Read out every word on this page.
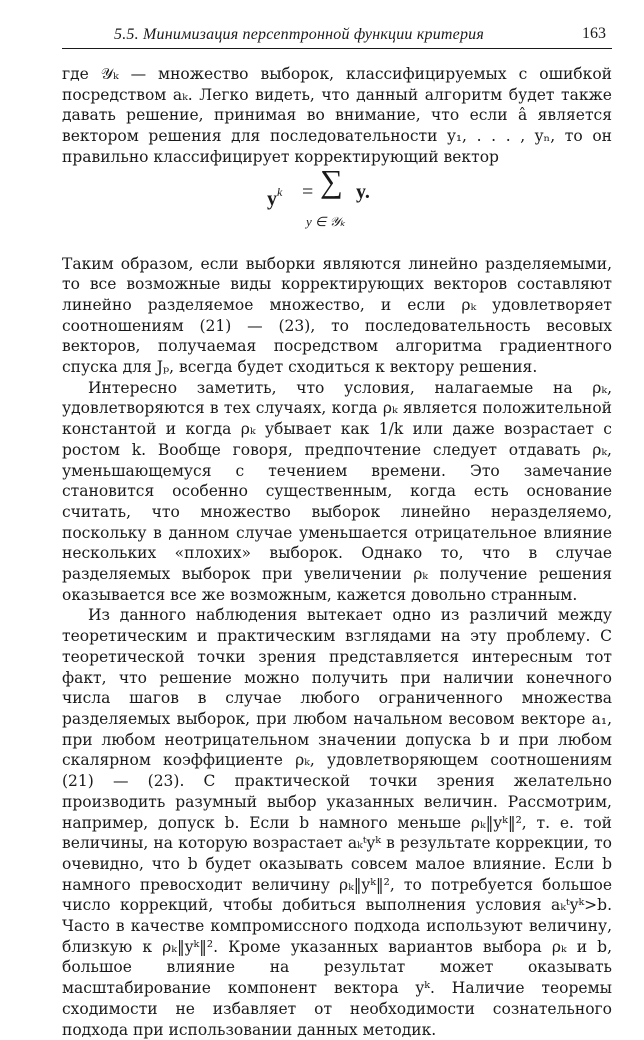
5.5. Минимизация персептронной функции критерия	163

где 𝒴ₖ — множество выборок, классифицируемых с ошибкой посредством aₖ. Легко видеть, что данный алгоритм будет также давать решение, принимая во внимание, что если â является вектором решения для последовательности y₁, . . . , yₙ, то он правильно классифицирует корректирующий вектор

$y^k$ = ∑
y ∈ 𝒴ₖ
y.

Таким образом, если выборки являются линейно разделяемыми, то все возможные виды корректирующих векторов составляют линейно разделяемое множество, и если ρₖ удовлетворяет соотношениям (21) — (23), то последовательность весовых векторов, получаемая посредством алгоритма градиентного спуска для Jₚ, всегда будет сходиться к вектору решения.

Интересно заметить, что условия, налагаемые на ρₖ, удовлетворяются в тех случаях, когда ρₖ является положительной константой и когда ρₖ убывает как 1/k или даже возрастает с ростом k. Вообще говоря, предпочтение следует отдавать ρₖ, уменьшающемуся с течением времени. Это замечание становится особенно существенным, когда есть основание считать, что множество выборок линейно неразделяемо, поскольку в данном случае уменьшается отрицательное влияние нескольких «плохих» выборок. Однако то, что в случае разделяемых выборок при увеличении ρₖ получение решения оказывается все же возможным, кажется довольно странным.

Из данного наблюдения вытекает одно из различий между теоретическим и практическим взглядами на эту проблему. С теоретической точки зрения представляется интересным тот факт, что решение можно получить при наличии конечного числа шагов в случае любого ограниченного множества разделяемых выборок, при любом начальном весовом векторе a₁, при любом неотрицательном значении допуска b и при любом скалярном коэффициенте ρₖ, удовлетворяющем соотношениям (21) — (23). С практической точки зрения желательно производить разумный выбор указанных величин. Рассмотрим, например, допуск b. Если b намного меньше ρₖ‖yᵏ‖², т. е. той величины, на которую возрастает aₖᵗyᵏ в результате коррекции, то очевидно, что b будет оказывать совсем малое влияние. Если b намного превосходит величину ρₖ‖yᵏ‖², то потребуется большое число коррекций, чтобы добиться выполнения условия aₖᵗyᵏ>b. Часто в качестве компромиссного подхода используют величину, близкую к ρₖ‖yᵏ‖². Кроме указанных вариантов выбора ρₖ и b, большое влияние на результат может оказывать масштабирование компонент вектора yᵏ. Наличие теоремы сходимости не избавляет от необходимости сознательного подхода при использовании данных методик.
